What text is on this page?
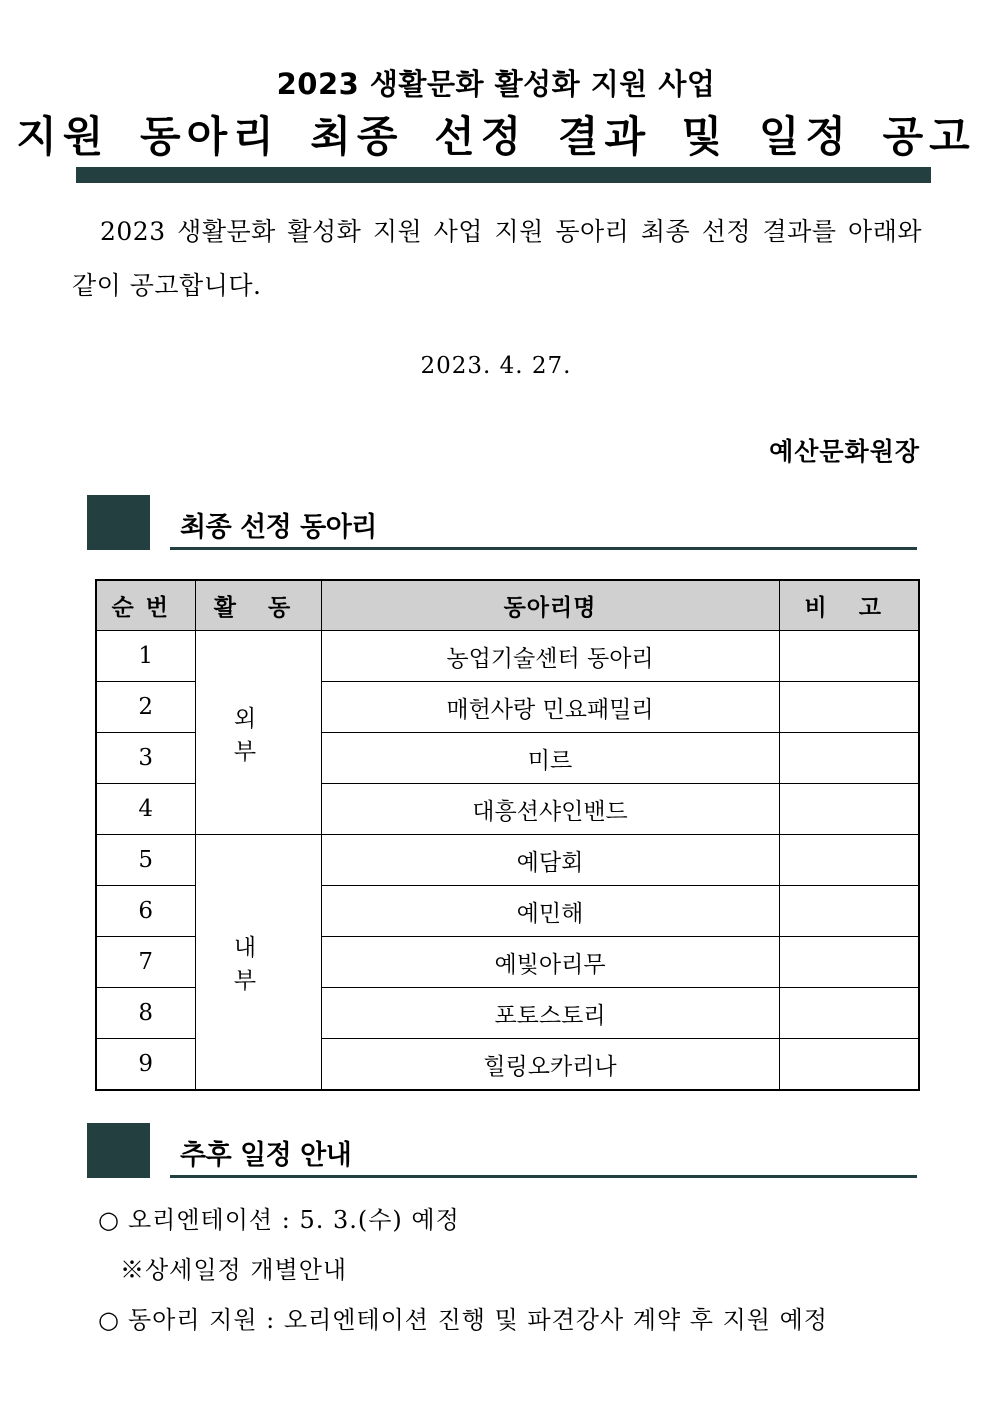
2023 생활문화 활성화 지원 사업
지원 동아리 최종 선정 결과 및 일정 공고
2023 생활문화 활성화 지원 사업 지원 동아리 최종 선정 결과를 아래와 같이 공고합니다.
2023. 4. 27.
예산문화원장
최종 선정 동아리
순번	활 동	동아리명	비 고
1	외 부	농업기술센터 동아리	
2		매헌사랑 민요패밀리	
3		미르	
4		대흥션샤인밴드	
5	내 부	예담회	
6		예민해	
7		예빛아리무	
8		포토스토리	
9		힐링오카리나	
추후 일정 안내
○ 오리엔테이션 : 5. 3.(수) 예정
※상세일정 개별안내
○ 동아리 지원 : 오리엔테이션 진행 및 파견강사 계약 후 지원 예정
